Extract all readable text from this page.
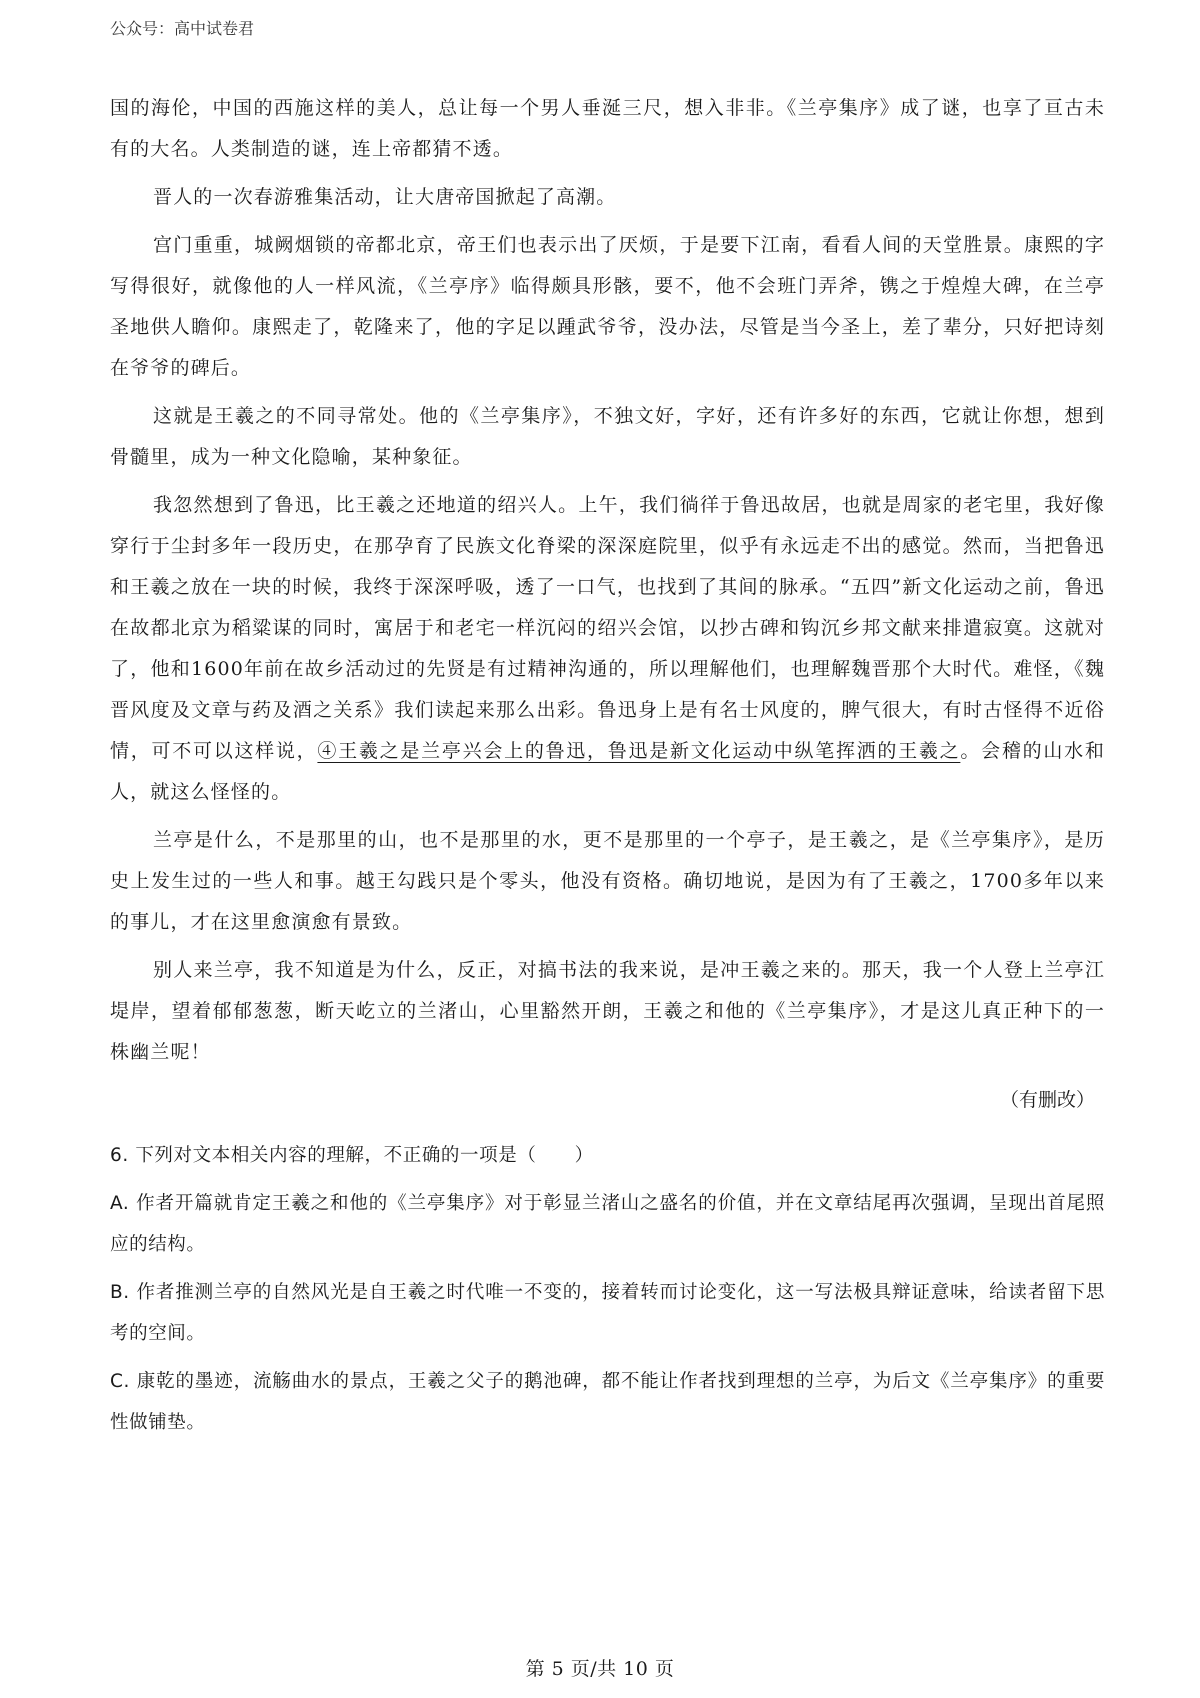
公众号：高中试卷君

国的海伦，中国的西施这样的美人，总让每一个男人垂涎三尺，想入非非。《兰亭集序》成了谜，也享了亘古未有的大名。人类制造的谜，连上帝都猜不透。

晋人的一次春游雅集活动，让大唐帝国掀起了高潮。

宫门重重，城阙烟锁的帝都北京，帝王们也表示出了厌烦，于是要下江南，看看人间的天堂胜景。康熙的字写得很好，就像他的人一样风流，《兰亭序》临得颇具形骸，要不，他不会班门弄斧，镌之于煌煌大碑，在兰亭圣地供人瞻仰。康熙走了，乾隆来了，他的字足以踵武爷爷，没办法，尽管是当今圣上，差了辈分，只好把诗刻在爷爷的碑后。

这就是王羲之的不同寻常处。他的《兰亭集序》，不独文好，字好，还有许多好的东西，它就让你想，想到骨髓里，成为一种文化隐喻，某种象征。

我忽然想到了鲁迅，比王羲之还地道的绍兴人。上午，我们徜徉于鲁迅故居，也就是周家的老宅里，我好像穿行于尘封多年一段历史，在那孕育了民族文化脊梁的深深庭院里，似乎有永远走不出的感觉。然而，当把鲁迅和王羲之放在一块的时候，我终于深深呼吸，透了一口气，也找到了其间的脉承。“五四”新文化运动之前，鲁迅在故都北京为稻粱谋的同时，寓居于和老宅一样沉闷的绍兴会馆，以抄古碑和钩沉乡邦文献来排遣寂寞。这就对了，他和1600年前在故乡活动过的先贤是有过精神沟通的，所以理解他们，也理解魏晋那个大时代。难怪，《魏晋风度及文章与药及酒之关系》我们读起来那么出彩。鲁迅身上是有名士风度的，脾气很大，有时古怪得不近俗情，可不可以这样说，④王羲之是兰亭兴会上的鲁迅，鲁迅是新文化运动中纵笔挥洒的王羲之。会稽的山水和人，就这么怪怪的。

兰亭是什么，不是那里的山，也不是那里的水，更不是那里的一个亭子，是王羲之，是《兰亭集序》，是历史上发生过的一些人和事。越王勾践只是个零头，他没有资格。确切地说，是因为有了王羲之，1700多年以来的事儿，才在这里愈演愈有景致。

别人来兰亭，我不知道是为什么，反正，对搞书法的我来说，是冲王羲之来的。那天，我一个人登上兰亭江堤岸，望着郁郁葱葱，断天屹立的兰渚山，心里豁然开朗，王羲之和他的《兰亭集序》，才是这儿真正种下的一株幽兰呢！

（有删改）

6. 下列对文本相关内容的理解，不正确的一项是（　　）

A. 作者开篇就肯定王羲之和他的《兰亭集序》对于彰显兰渚山之盛名的价值，并在文章结尾再次强调，呈现出首尾照应的结构。

B. 作者推测兰亭的自然风光是自王羲之时代唯一不变的，接着转而讨论变化，这一写法极具辩证意味，给读者留下思考的空间。

C. 康乾的墨迹，流觞曲水的景点，王羲之父子的鹅池碑，都不能让作者找到理想的兰亭，为后文《兰亭集序》的重要性做铺垫。

第 5 页/共 10 页
